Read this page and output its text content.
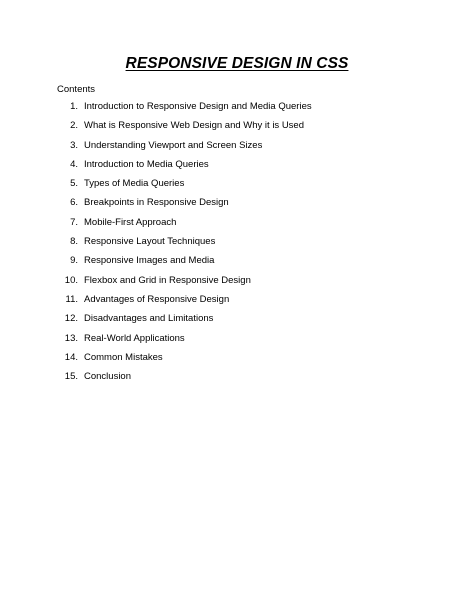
RESPONSIVE DESIGN IN CSS
Contents
1. Introduction to Responsive Design and Media Queries
2. What is Responsive Web Design and Why it is Used
3. Understanding Viewport and Screen Sizes
4. Introduction to Media Queries
5. Types of Media Queries
6. Breakpoints in Responsive Design
7. Mobile-First Approach
8. Responsive Layout Techniques
9. Responsive Images and Media
10. Flexbox and Grid in Responsive Design
11. Advantages of Responsive Design
12. Disadvantages and Limitations
13. Real-World Applications
14. Common Mistakes
15. Conclusion
